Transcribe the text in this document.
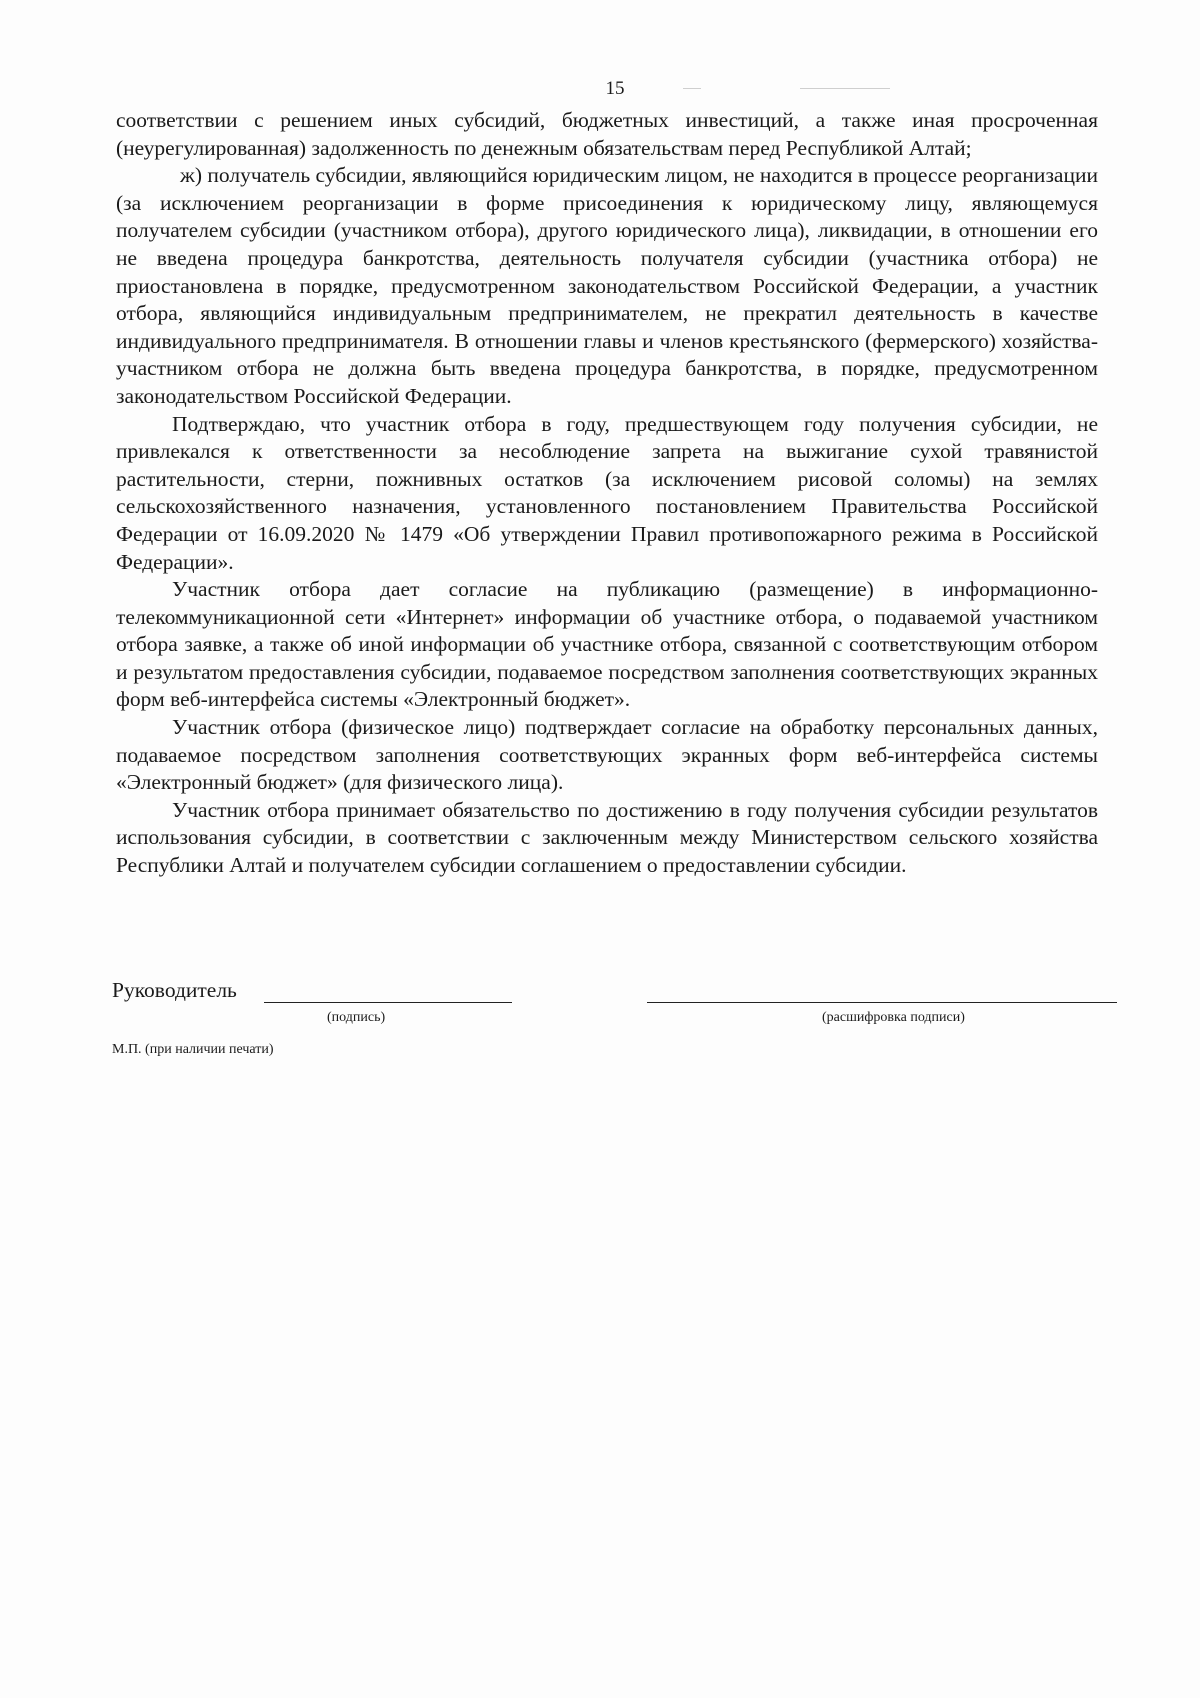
15

соответствии с решением иных субсидий, бюджетных инвестиций, а также иная просроченная (неурегулированная) задолженность по денежным обязательствам перед Республикой Алтай;

ж) получатель субсидии, являющийся юридическим лицом, не находится в процессе реорганизации (за исключением реорганизации в форме присоединения к юридическому лицу, являющемуся получателем субсидии (участником отбора), другого юридического лица), ликвидации, в отношении его не введена процедура банкротства, деятельность получателя субсидии (участника отбора) не приостановлена в порядке, предусмотренном законодательством Российской Федерации, а участник отбора, являющийся индивидуальным предпринимателем, не прекратил деятельность в качестве индивидуального предпринимателя. В отношении главы и членов крестьянского (фермерского) хозяйства-участником отбора не должна быть введена процедура банкротства, в порядке, предусмотренном законодательством Российской Федерации.

Подтверждаю, что участник отбора в году, предшествующем году получения субсидии, не привлекался к ответственности за несоблюдение запрета на выжигание сухой травянистой растительности, стерни, пожнивных остатков (за исключением рисовой соломы) на землях сельскохозяйственного назначения, установленного постановлением Правительства Российской Федерации от 16.09.2020 № 1479 «Об утверждении Правил противопожарного режима в Российской Федерации».

Участник отбора дает согласие на публикацию (размещение) в информационно-телекоммуникационной сети «Интернет» информации об участнике отбора, о подаваемой участником отбора заявке, а также об иной информации об участнике отбора, связанной с соответствующим отбором и результатом предоставления субсидии, подаваемое посредством заполнения соответствующих экранных форм веб-интерфейса системы «Электронный бюджет».

Участник отбора (физическое лицо) подтверждает согласие на обработку персональных данных, подаваемое посредством заполнения соответствующих экранных форм веб-интерфейса системы «Электронный бюджет» (для физического лица).

Участник отбора принимает обязательство по достижению в году получения субсидии результатов использования субсидии, в соответствии с заключенным между Министерством сельского хозяйства Республики Алтай и получателем субсидии соглашением о предоставлении субсидии.

Руководитель
(подпись)	(расшифровка подписи)
М.П. (при наличии печати)
